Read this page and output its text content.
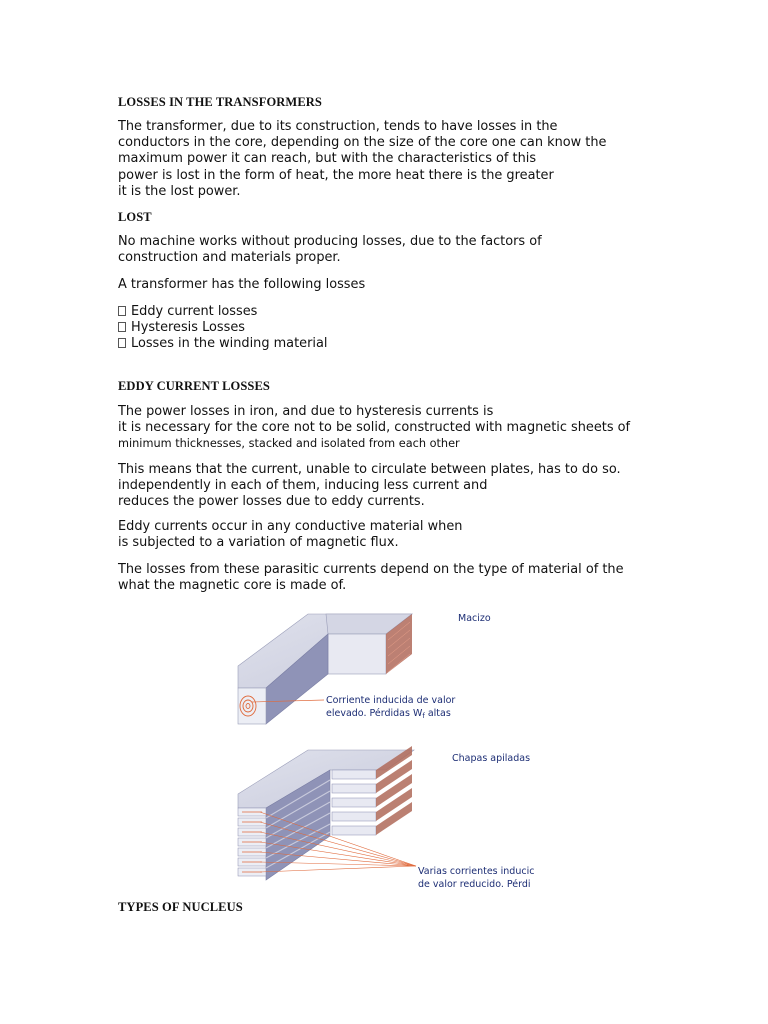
LOSSES IN THE TRANSFORMERS
The transformer, due to its construction, tends to have losses in the
conductors in the core, depending on the size of the core one can know the
maximum power it can reach, but with the characteristics of this
power is lost in the form of heat, the more heat there is the greater
it is the lost power.
LOST
No machine works without producing losses, due to the factors of
construction and materials proper.
A transformer has the following losses
Eddy current losses
Hysteresis Losses
Losses in the winding material
EDDY CURRENT LOSSES
The power losses in iron, and due to hysteresis currents is
it is necessary for the core not to be solid, constructed with magnetic sheets of
minimum thicknesses, stacked and isolated from each other
This means that the current, unable to circulate between plates, has to do so.
independently in each of them, inducing less current and
reduces the power losses due to eddy currents.
Eddy currents occur in any conductive material when
is subjected to a variation of magnetic flux.
The losses from these parasitic currents depend on the type of material of the
what the magnetic core is made of.
Macizo
Corriente inducida de valor
elevado. Pérdidas $W_f$ altas
Chapas apiladas
Varias corrientes inducic
de valor reducido. Pérdi
TYPES OF NUCLEUS
